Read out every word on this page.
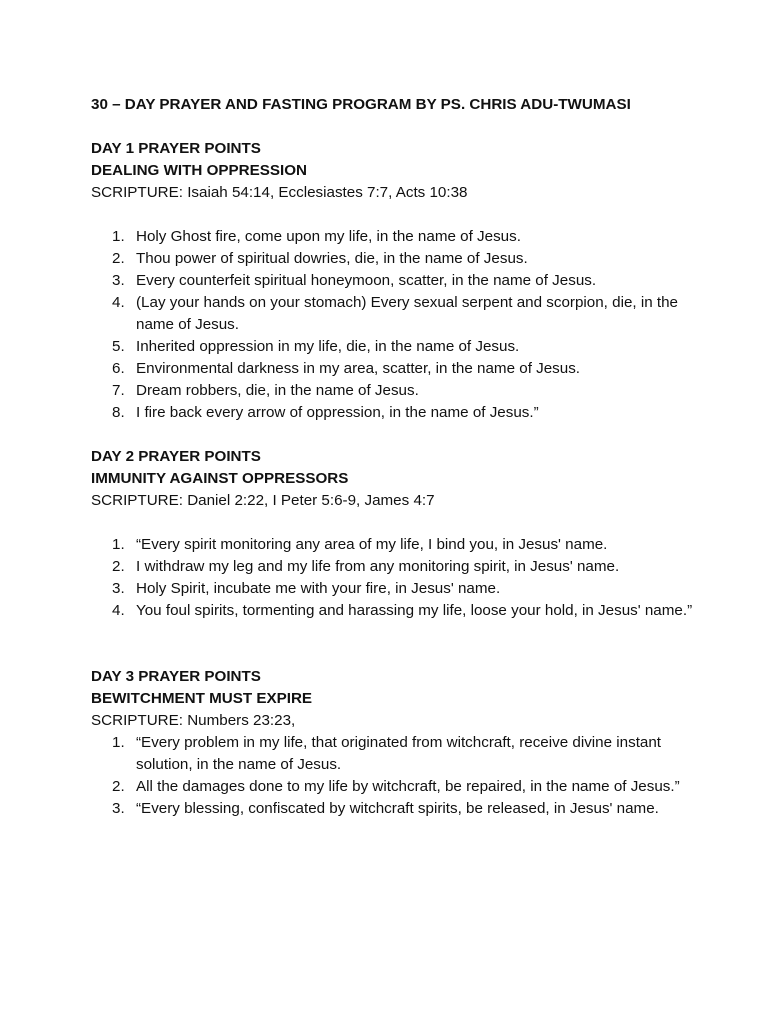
30 – DAY PRAYER AND FASTING PROGRAM BY PS. CHRIS ADU-TWUMASI

DAY 1 PRAYER POINTS

DEALING WITH OPPRESSION

SCRIPTURE: Isaiah 54:14, Ecclesiastes 7:7, Acts 10:38

1. Holy Ghost fire, come upon my life, in the name of Jesus.
2. Thou power of spiritual dowries, die, in the name of Jesus.
3. Every counterfeit spiritual honeymoon, scatter, in the name of Jesus.
4. (Lay your hands on your stomach) Every sexual serpent and scorpion, die, in the name of Jesus.
5. Inherited oppression in my life, die, in the name of Jesus.
6. Environmental darkness in my area, scatter, in the name of Jesus.
7. Dream robbers, die, in the name of Jesus.
8. I fire back every arrow of oppression, in the name of Jesus.”

DAY 2 PRAYER POINTS

IMMUNITY AGAINST OPPRESSORS

SCRIPTURE: Daniel 2:22, I Peter 5:6-9, James 4:7

1. “Every spirit monitoring any area of my life, I bind you, in Jesus' name.
2. I withdraw my leg and my life from any monitoring spirit, in Jesus' name.
3. Holy Spirit, incubate me with your fire, in Jesus' name.
4. You foul spirits, tormenting and harassing my life, loose your hold, in Jesus' name.”

DAY 3 PRAYER POINTS

BEWITCHMENT MUST EXPIRE

SCRIPTURE: Numbers 23:23,

1. “Every problem in my life, that originated from witchcraft, receive divine instant solution, in the name of Jesus.
2. All the damages done to my life by witchcraft, be repaired, in the name of Jesus.”
3. “Every blessing, confiscated by witchcraft spirits, be released, in Jesus' name.
